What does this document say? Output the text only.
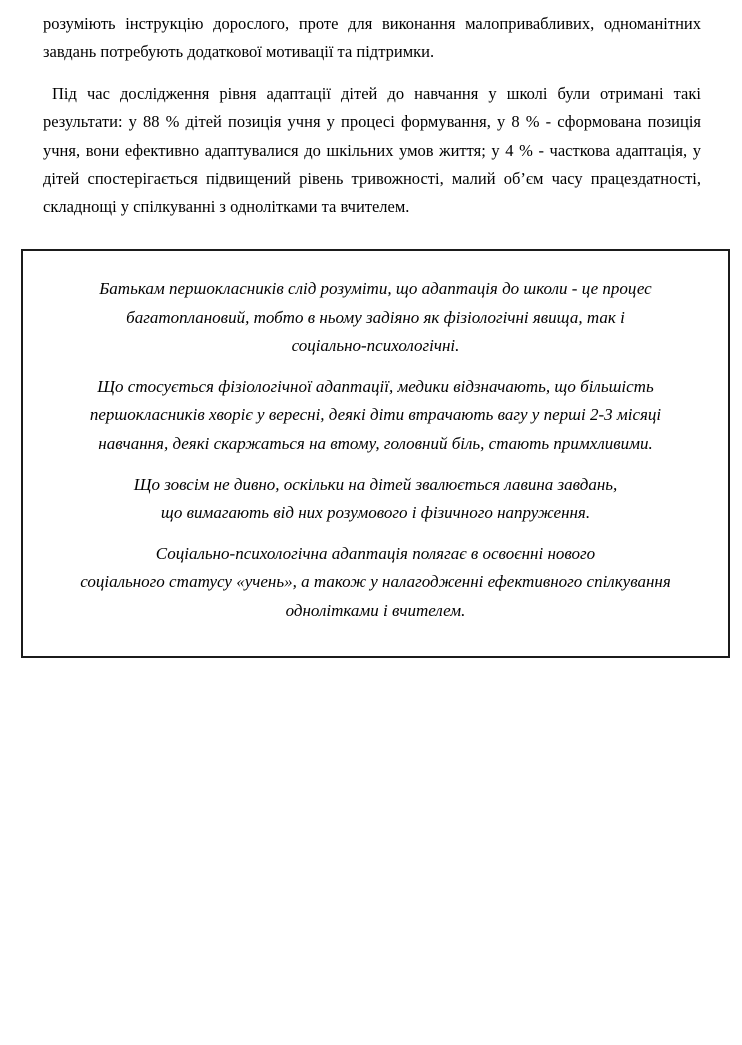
розуміють інструкцію дорослого, проте для виконання малопривабливих, одноманітних завдань потребують додаткової мотивації та підтримки.

Під час дослідження рівня адаптації дітей до навчання у школі були отримані такі результати: у 88 % дітей позиція учня у процесі формування, у 8 % - сформована позиція учня, вони ефективно адаптувалися до шкільних умов життя; у 4 % - часткова адаптація, у дітей спостерігається підвищений рівень тривожності, малий об’єм часу працездатності, складнощі у спілкуванні з однолітками та вчителем.

Батькам першокласників слід розуміти, що адаптація до школи - це процес
багатоплановий, тобто в ньому задіяно як фізіологічні явища, так і
соціально-психологічні.

Що стосується фізіологічної адаптації, медики відзначають, що більшість
першокласників хворіє у вересні, деякі діти втрачають вагу у перші 2-3 місяці
навчання, деякі скаржаться на втому, головний біль, стають примхливими.

Що зовсім не дивно, оскільки на дітей звалюється лавина завдань,
що вимагають від них розумового і фізичного напруження.

Соціально-психологічна адаптація полягає в освоєнні нового
соціального статусу «учень», а також у налагодженні ефективного спілкування
однолітками і вчителем.
